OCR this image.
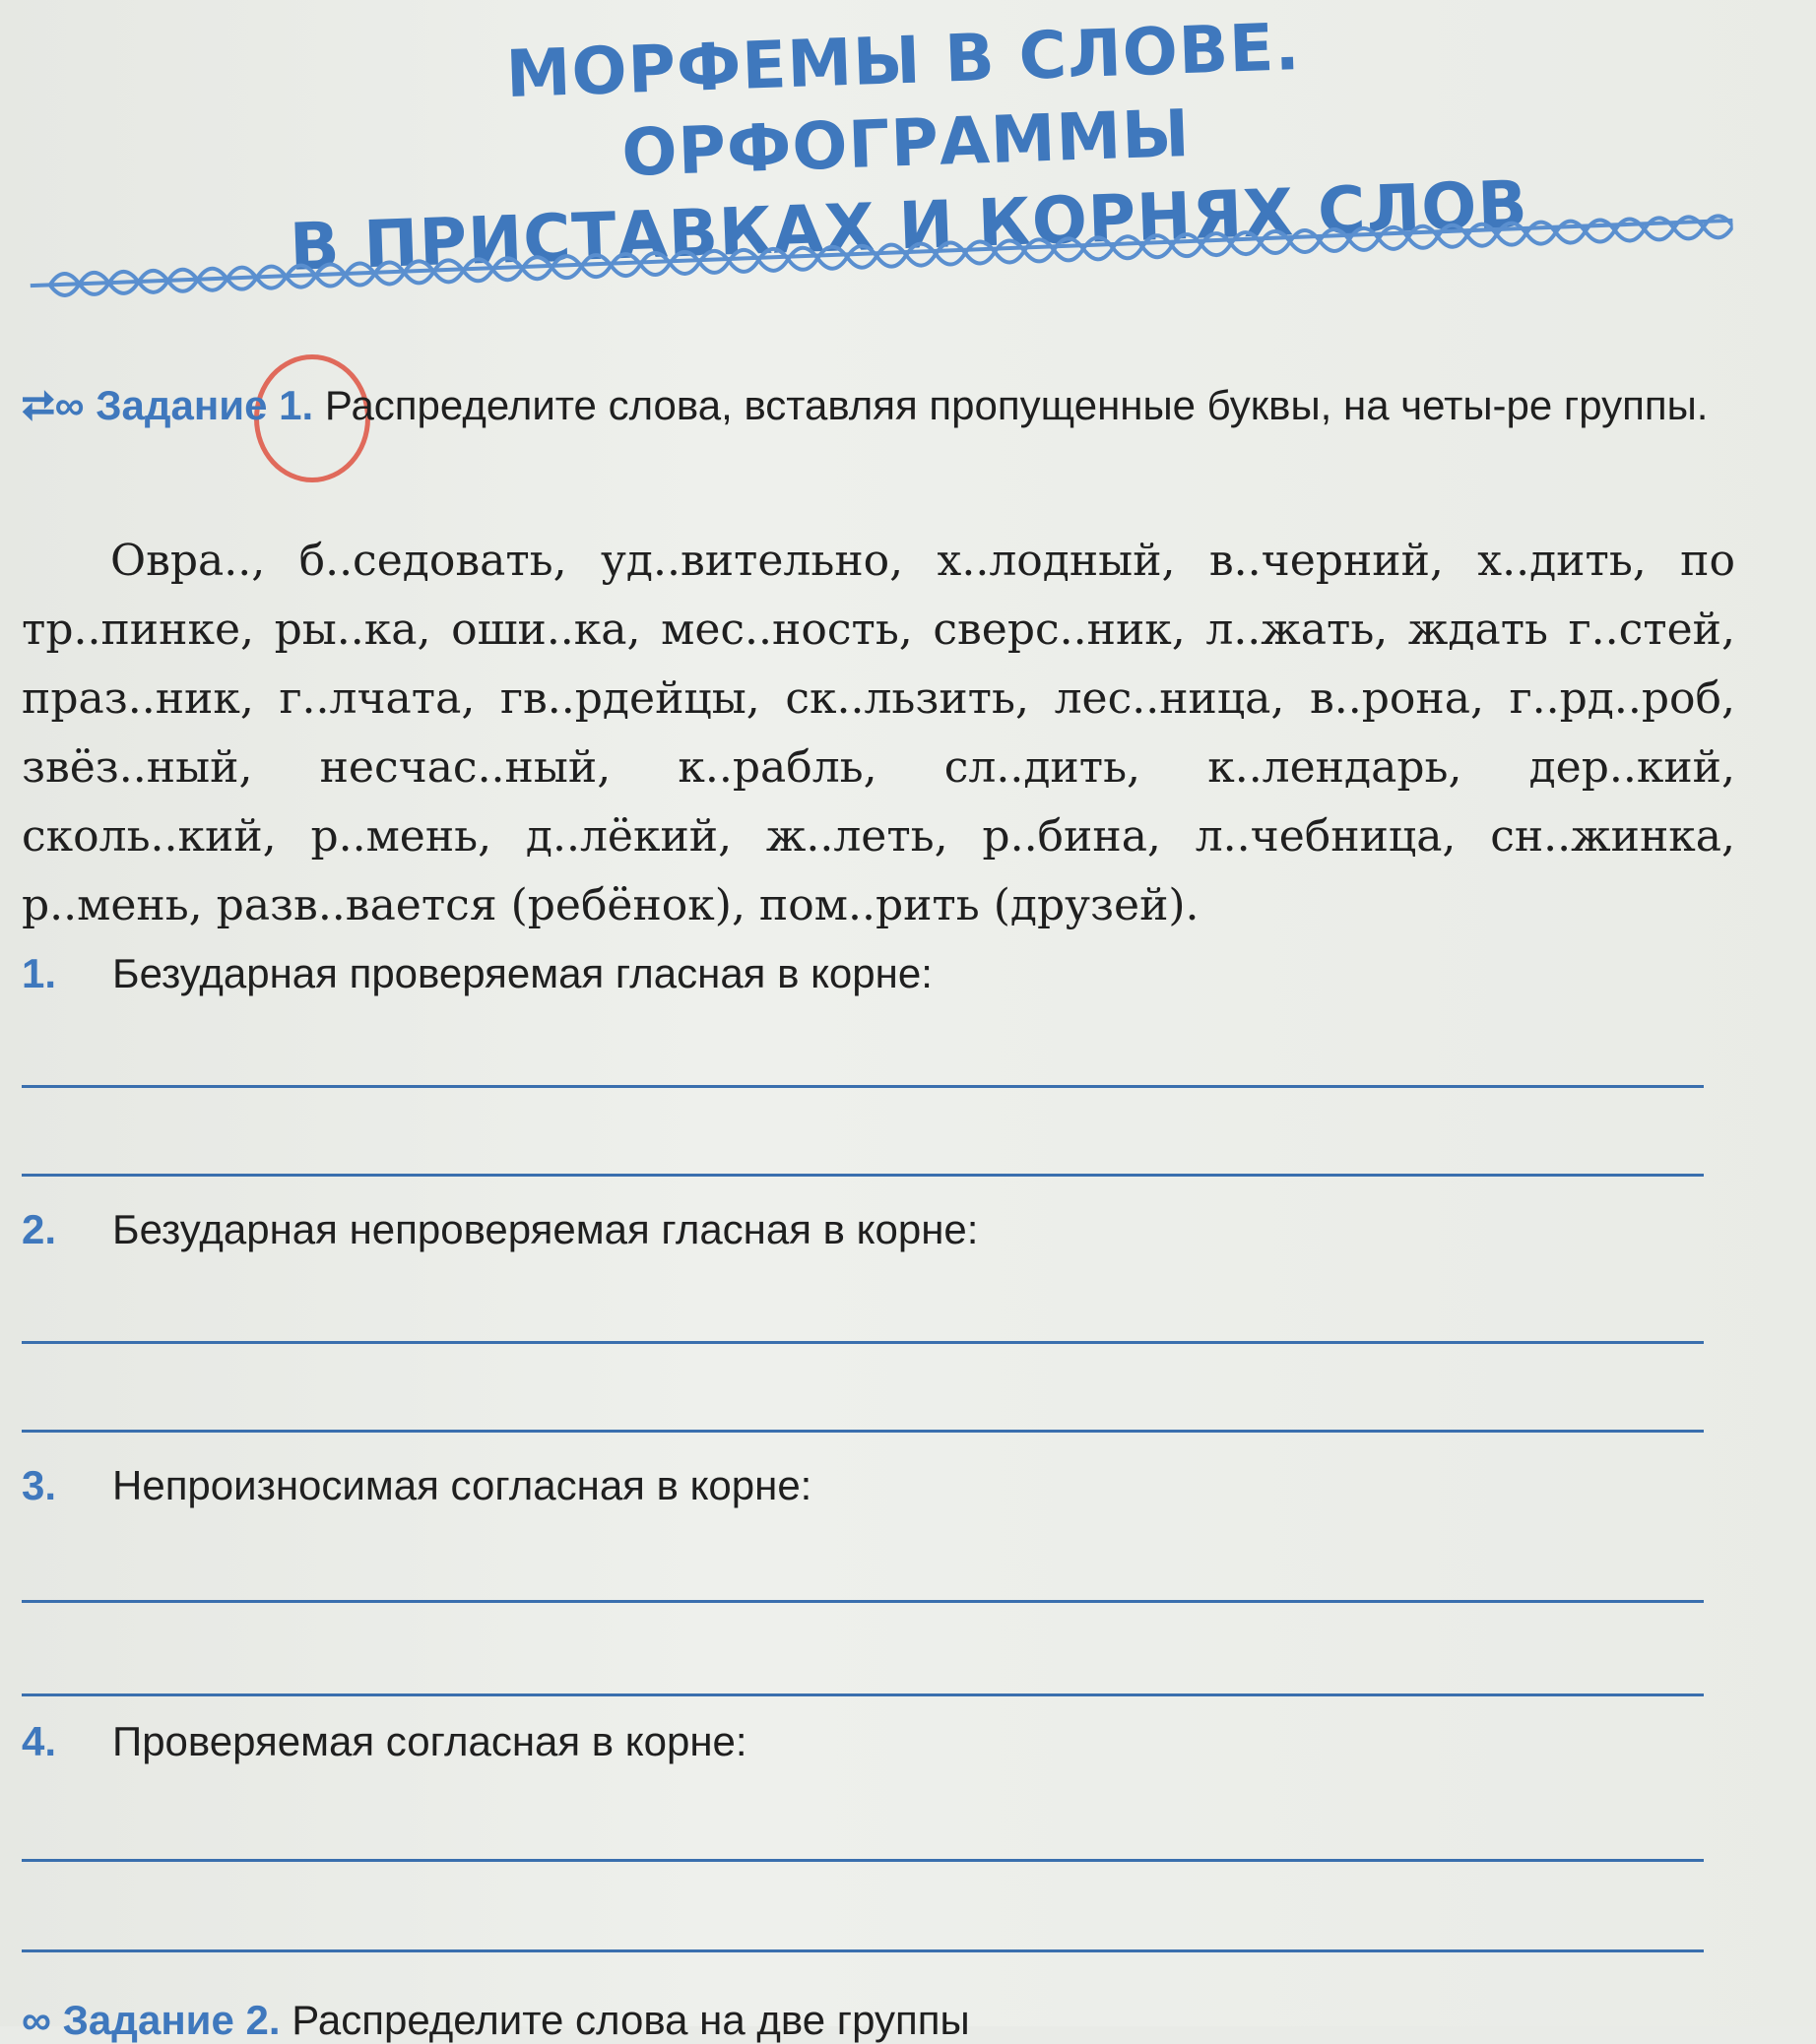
МОРФЕМЫ В СЛОВЕ. ОРФОГРАММЫ
В ПРИСТАВКАХ И КОРНЯХ СЛОВ

⮂∞ Задание 1. Распределите слова, вставляя пропущенные буквы, на четы-ре группы.

Овра.., б..седовать, уд..вительно, х..лодный, в..черний, х..дить, по тр..пинке, ры..ка, оши..ка, мес..ность, сверс..ник, л..жать, ждать г..стей, праз..ник, г..лчата, гв..рдейцы, ск..льзить, лес..ница, в..рона, г..рд..роб, звёз..ный, несчас..ный, к..рабль, сл..дить, к..лендарь, дер..кий, сколь..кий, р..мень, д..лёкий, ж..леть, р..бина, л..чебница, сн..жинка, р..мень, разв..вается (ребёнок), пом..рить (друзей).

1. Безударная проверяемая гласная в корне:

2. Безударная непроверяемая гласная в корне:

3. Непроизносимая согласная в корне:

4. Проверяемая согласная в корне:

∞ Задание 2. Распределите слова на две группы
